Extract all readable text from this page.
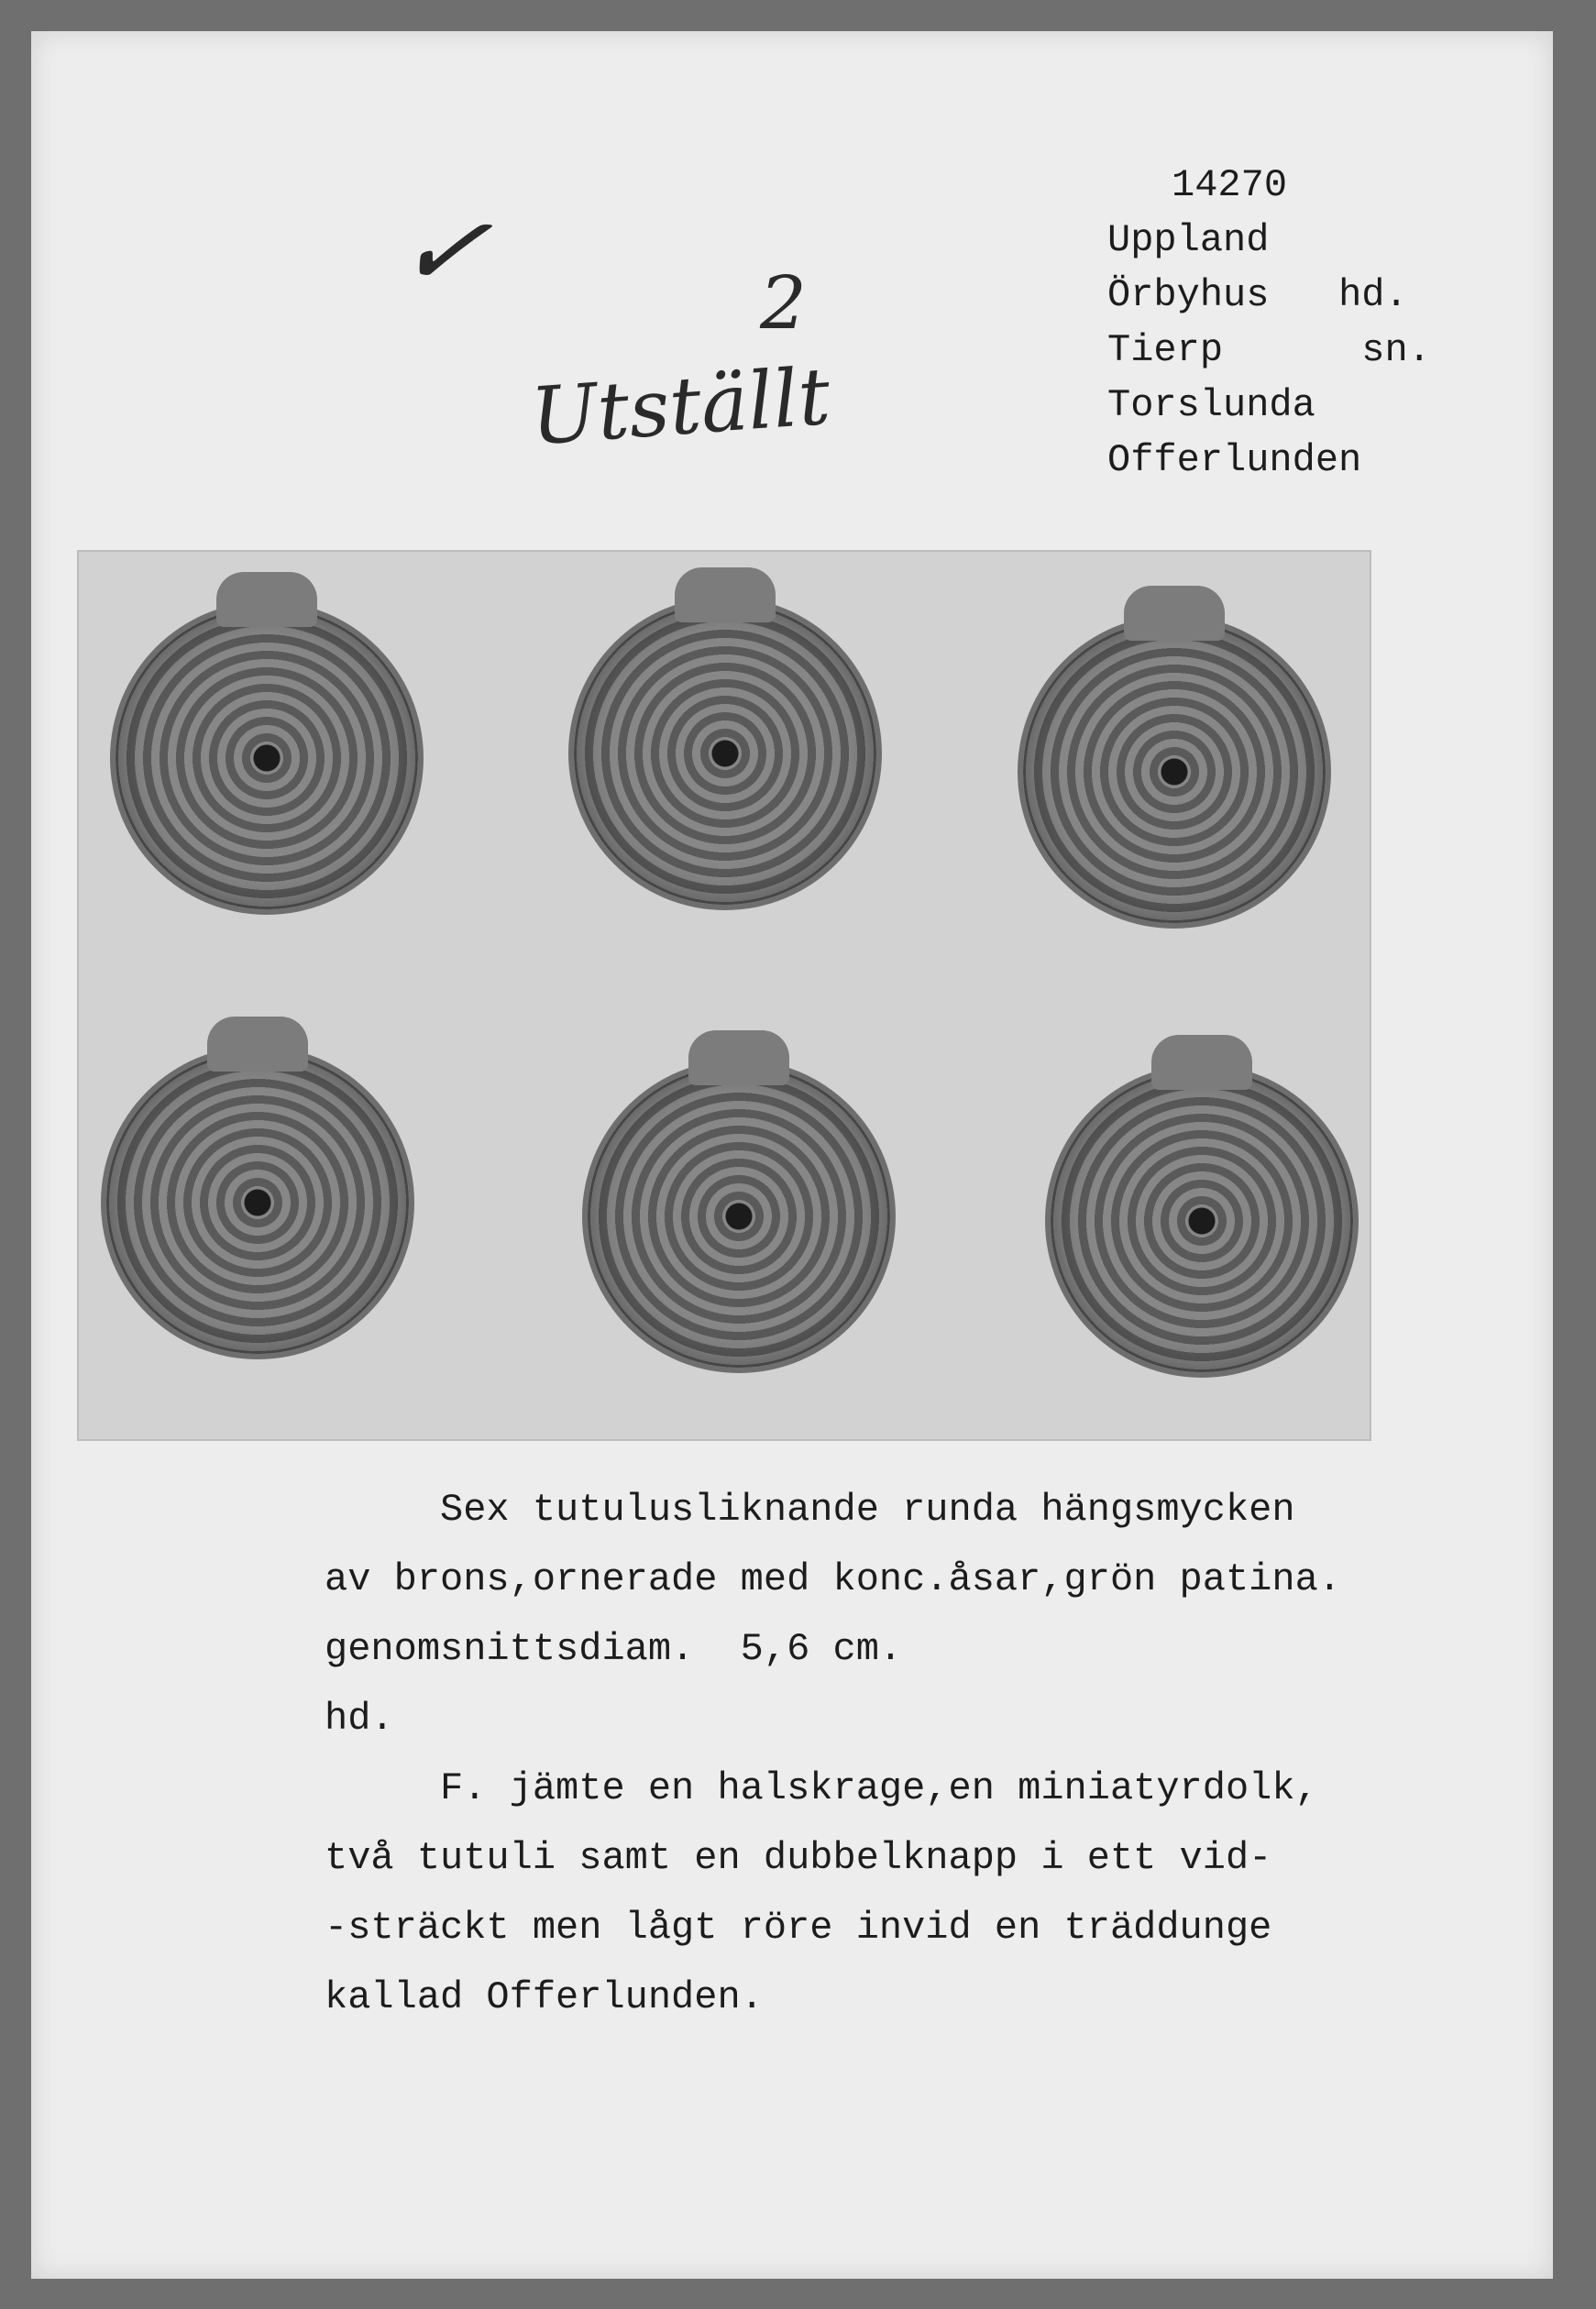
✓	2
Utställt
14270
Uppland
Örbyhus hd.
Tierp	sn.
Torslunda
Offerlunden
Sex tutulusliknande runda hängsmycken
av brons,ornerade med konc.åsar,grön patina.
genomsnittsdiam.  5,6 cm.
hd.
F. jämte en halskrage,en miniatyrdolk,
två tutuli samt en dubbelknapp i ett vid-
-sträckt men lågt röre invid en träddunge
kallad Offerlunden.
